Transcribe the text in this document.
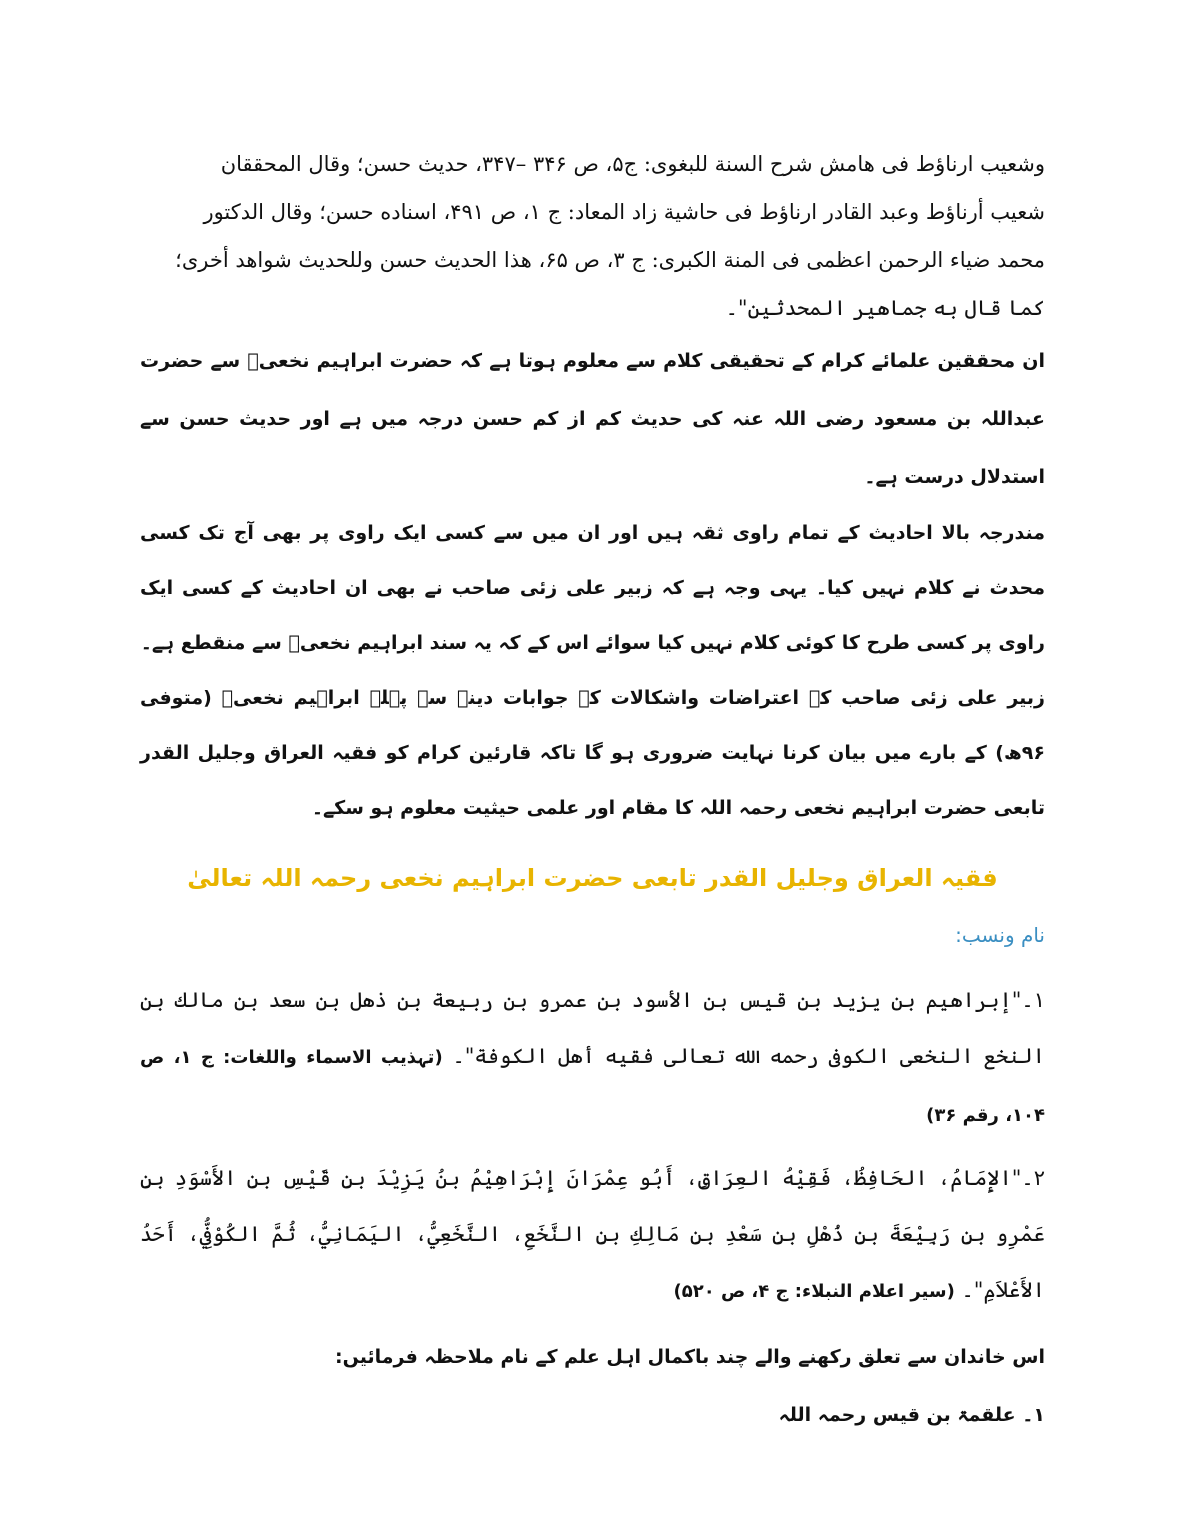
وشعيب ارناؤط فى هامش شرح السنة للبغوى: ج۵، ص ۳۴۶ –۳۴۷، حديث حسن؛ وقال المحققان

شعيب أرناؤط وعبد القادر ارناؤط فى حاشية زاد المعاد: ج ۱، ص ۴۹۱، اسناده حسن؛ وقال الدكتور

محمد ضياء الرحمن اعظمى فى المنة الكبرى: ج ۳، ص ۶۵، هذا الحديث حسن وللحديث شواهد أخرى؛

كما قال به جماهير المحدثين"۔

ان محققین علمائے کرام کے تحقیقی کلام سے معلوم ہوتا ہے کہ حضرت ابراہیم نخعیؒ سے حضرت عبداللہ بن مسعود رضی اللہ عنہ کی حدیث کم از کم حسن درجہ میں ہے اور حدیث حسن سے استدلال درست ہے۔

مندرجہ بالا احادیث کے تمام راوی ثقہ ہیں اور ان میں سے کسی ایک راوی پر بھی آج تک کسی محدث نے کلام نہیں کیا۔ یہی وجہ ہے کہ زبیر علی زئی صاحب نے بھی ان احادیث کے کسی ایک راوی پر کسی طرح کا کوئی کلام نہیں کیا سوائے اس کے کہ یہ سند ابراہیم نخعیؒ سے منقطع ہے۔

زبیر علی زئی صاحب کے اعتراضات واشکالات کے جوابات دینے سے پہلے ابراہیم نخعیؒ (متوفی ۹۶ھ) کے بارے میں بیان کرنا نہایت ضروری ہو گا تاکہ قارئین کرام کو فقیہ العراق وجلیل القدر تابعی حضرت ابراہیم نخعی رحمہ اللہ کا مقام اور علمی حیثیت معلوم ہو سکے۔

فقیہ العراق وجلیل القدر تابعی حضرت ابراہیم نخعی رحمہ اللہ تعالیٰ
نام ونسب:

۱۔"إبراهيم بن يزيد بن قيس بن الأسود بن عمرو بن ربيعة بن ذهل بن سعد بن مالك بن النخع النخعى الكوفى رحمه الله تعالى فقيه أهل الكوفة"۔ (تہذیب الاسماء واللغات: ج ۱، ص ۱۰۴، رقم ۳۶)

۲۔"الإِمَامُ، الحَافِظُ، فَقِيْهُ العِرَاقِ، أَبُو عِمْرَانَ إِبْرَاهِيْمُ بنُ يَزِيْدَ بنِ قَيْسِ بنِ الأَسْوَدِ بنِ عَمْرِو بنِ رَبِيْعَةَ بنِ ذُهْلِ بنِ سَعْدِ بنِ مَالِكِ بنِ النَّخَعِ، النَّخَعِيُّ، اليَمَانِيُّ، ثُمَّ الكُوْفِيُّ، أَحَدُ الأَعْلاَمِ"۔ (سیر اعلام النبلاء: ج ۴، ص ۵۲۰)

اس خاندان سے تعلق رکھنے والے چند باکمال اہل علم کے نام ملاحظہ فرمائیں:

۱۔ علقمۃ بن قیس رحمہ اللہ
